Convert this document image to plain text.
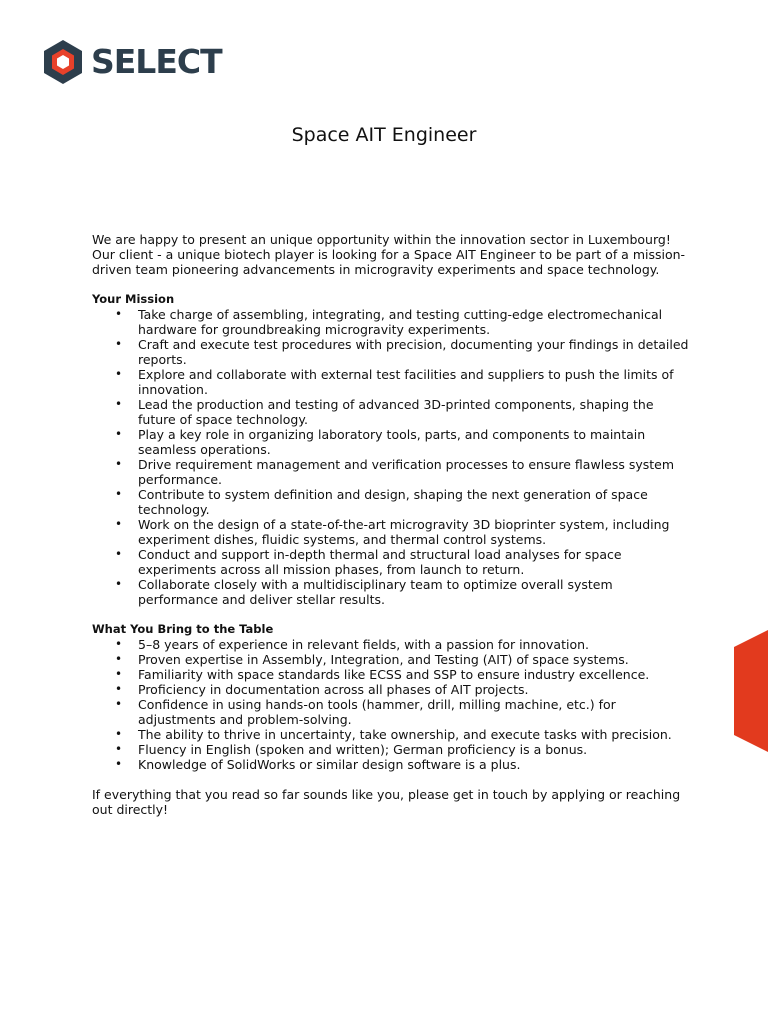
SELECT
Space AIT Engineer

We are happy to present an unique opportunity within the innovation sector in Luxembourg! Our client - a unique biotech player is looking for a Space AIT Engineer to be part of a mission-driven team pioneering advancements in microgravity experiments and space technology.

Your Mission
• Take charge of assembling, integrating, and testing cutting-edge electromechanical hardware for groundbreaking microgravity experiments.
• Craft and execute test procedures with precision, documenting your findings in detailed reports.
• Explore and collaborate with external test facilities and suppliers to push the limits of innovation.
• Lead the production and testing of advanced 3D-printed components, shaping the future of space technology.
• Play a key role in organizing laboratory tools, parts, and components to maintain seamless operations.
• Drive requirement management and verification processes to ensure flawless system performance.
• Contribute to system definition and design, shaping the next generation of space technology.
• Work on the design of a state-of-the-art microgravity 3D bioprinter system, including experiment dishes, fluidic systems, and thermal control systems.
• Conduct and support in-depth thermal and structural load analyses for space experiments across all mission phases, from launch to return.
• Collaborate closely with a multidisciplinary team to optimize overall system performance and deliver stellar results.
What You Bring to the Table
• 5–8 years of experience in relevant fields, with a passion for innovation.
• Proven expertise in Assembly, Integration, and Testing (AIT) of space systems.
• Familiarity with space standards like ECSS and SSP to ensure industry excellence.
• Proficiency in documentation across all phases of AIT projects.
• Confidence in using hands-on tools (hammer, drill, milling machine, etc.) for adjustments and problem-solving.
• The ability to thrive in uncertainty, take ownership, and execute tasks with precision.
• Fluency in English (spoken and written); German proficiency is a bonus.
• Knowledge of SolidWorks or similar design software is a plus.

If everything that you read so far sounds like you, please get in touch by applying or reaching out directly!
